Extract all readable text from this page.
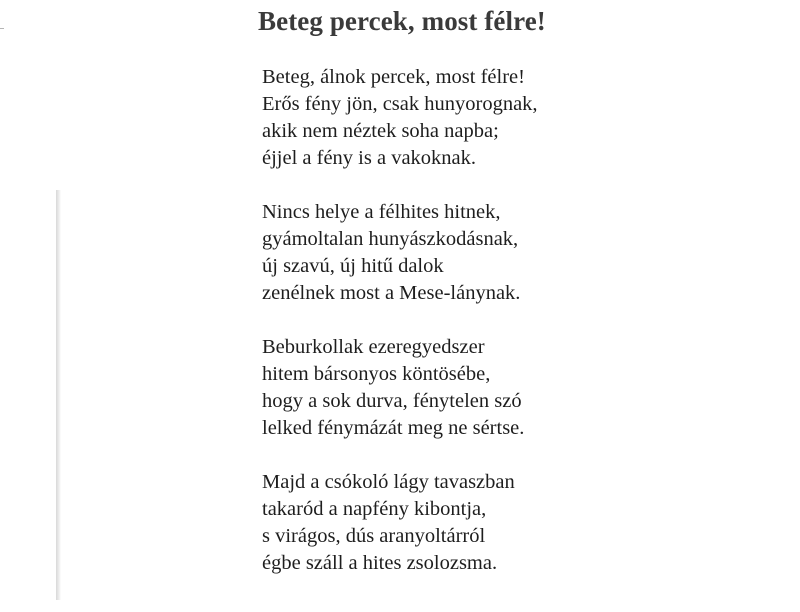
Beteg percek, most félre!
Beteg, álnok percek, most félre!
Erős fény jön, csak hunyorognak,
akik nem néztek soha napba;
éjjel a fény is a vakoknak.
Nincs helye a félhites hitnek,
gyámoltalan hunyászkodásnak,
új szavú, új hitű dalok
zenélnek most a Mese-lánynak.
Beburkollak ezeregyedszer
hitem bársonyos köntösébe,
hogy a sok durva, fénytelen szó
lelked fénymázát meg ne sértse.
Majd a csókoló lágy tavaszban
takaród a napfény kibontja,
s virágos, dús aranyoltárról
égbe száll a hites zsolozsma.
